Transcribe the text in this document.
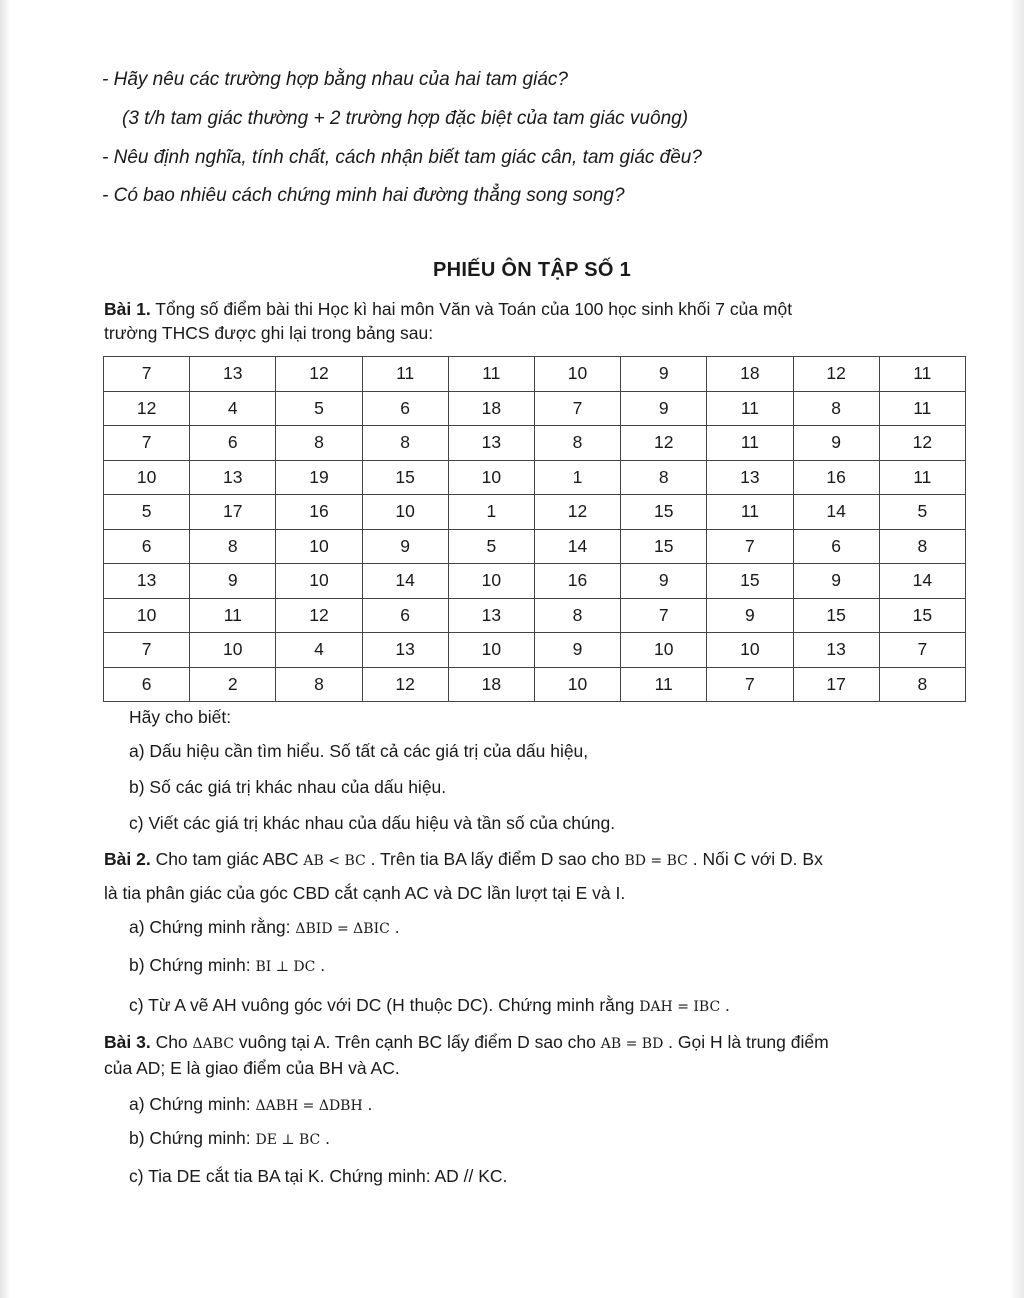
- Hãy nêu các trường hợp bằng nhau của hai tam giác?

(3 t/h tam giác thường + 2 trường hợp đặc biệt của tam giác vuông)

- Nêu định nghĩa, tính chất, cách nhận biết tam giác cân, tam giác đều?

- Có bao nhiêu cách chứng minh hai đường thẳng song song?

PHIẾU ÔN TẬP SỐ 1
Bài 1. Tổng số điểm bài thi Học kì hai môn Văn và Toán của 100 học sinh khối 7 của một
trường THCS được ghi lại trong bảng sau:
7	13	12	11	11	10	9	18	12	11
12	4	5	6	18	7	9	11	8	11
7	6	8	8	13	8	12	11	9	12
10	13	19	15	10	1	8	13	16	11
5	17	16	10	1	12	15	11	14	5
6	8	10	9	5	14	15	7	6	8
13	9	10	14	10	16	9	15	9	14
10	11	12	6	13	8	7	9	15	15
7	10	4	13	10	9	10	10	13	7
6	2	8	12	18	10	11	7	17	8
Hãy cho biết:
a) Dấu hiệu cần tìm hiểu. Số tất cả các giá trị của dấu hiệu,
b) Số các giá trị khác nhau của dấu hiệu.
c) Viết các giá trị khác nhau của dấu hiệu và tần số của chúng.
Bài 2. Cho tam giác ABC AB < BC . Trên tia BA lấy điểm D sao cho BD = BC . Nối C với D. Bx
là tia phân giác của góc CBD cắt cạnh AC và DC lần lượt tại E và I.
a) Chứng minh rằng: ΔBID = ΔBIC .
b) Chứng minh: BI ⊥ DC .
c) Từ A vẽ AH vuông góc với DC (H thuộc DC). Chứng minh rằng DAH = IBC .
Bài 3. Cho ΔABC vuông tại A. Trên cạnh BC lấy điểm D sao cho AB = BD . Gọi H là trung điểm
của AD; E là giao điểm của BH và AC.
a) Chứng minh: ΔABH = ΔDBH .
b) Chứng minh: DE ⊥ BC .
c) Tia DE cắt tia BA tại K. Chứng minh: AD // KC.
